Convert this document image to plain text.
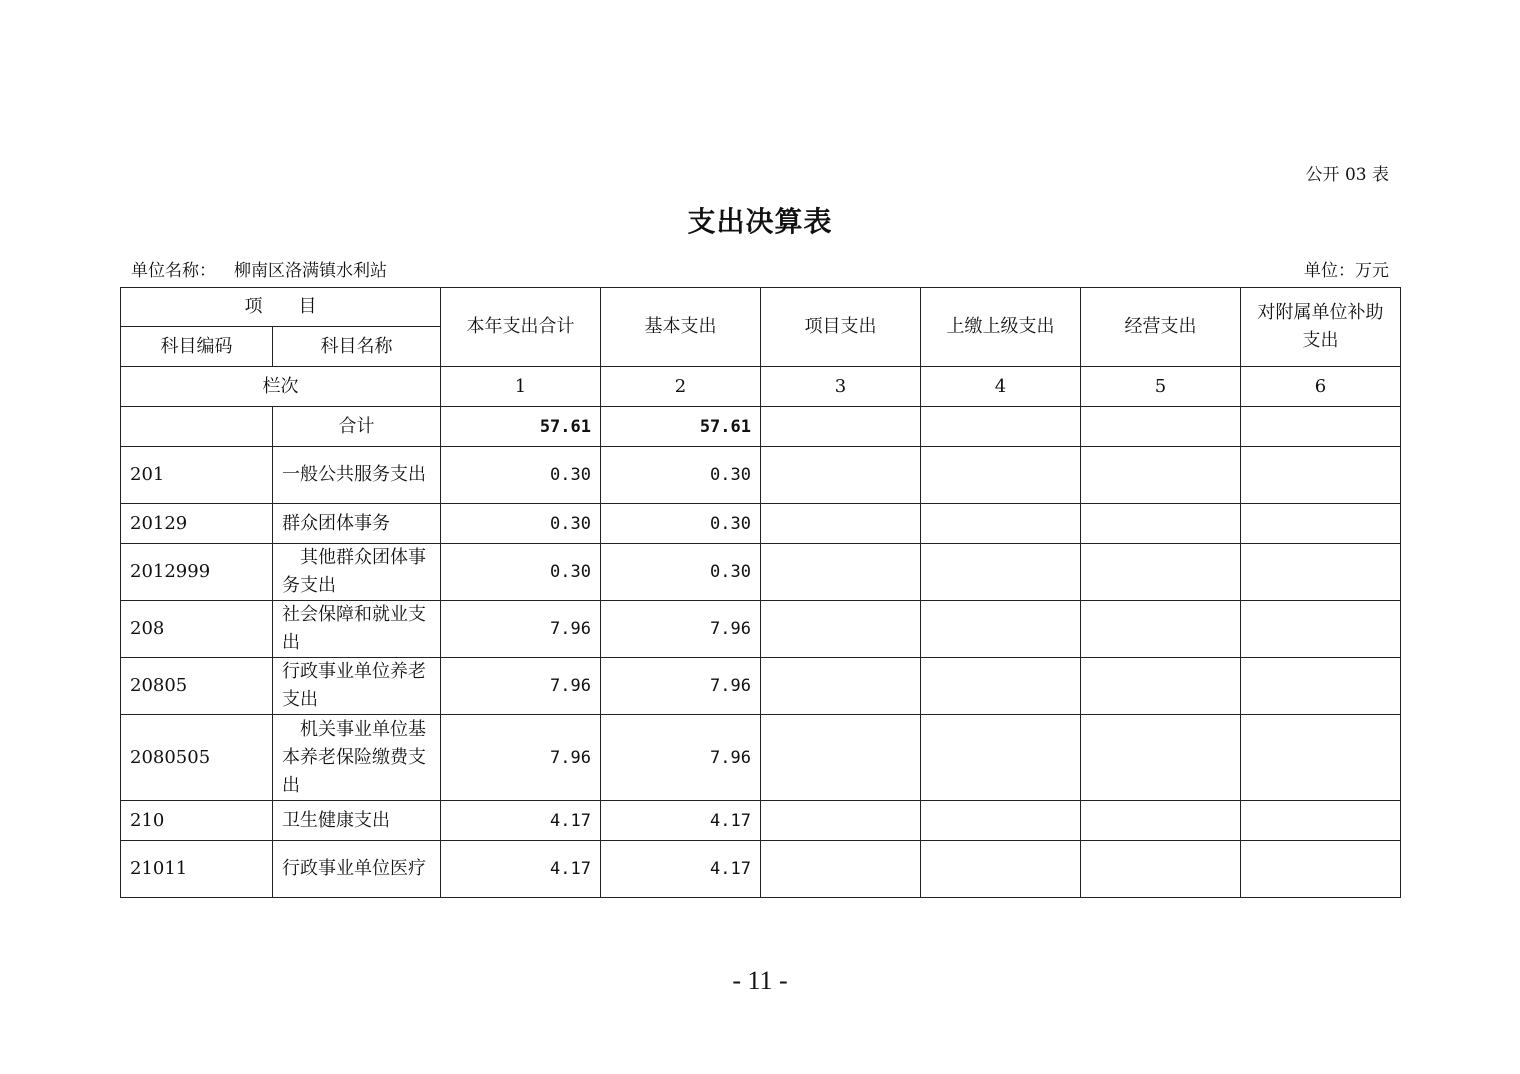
公开 03 表
支出决算表
单位名称： 柳南区洛满镇水利站	单位：万元
项　　目		本年支出合计	基本支出	项目支出	上缴上级支出	经营支出	对附属单位补助支出
科目编码	科目名称						
栏次		1	2	3	4	5	6
	合计	57.61	57.61				
201	一般公共服务支出	0.30	0.30				
20129	群众团体事务	0.30	0.30				
2012999	　其他群众团体事务支出	0.30	0.30				
208	社会保障和就业支出	7.96	7.96				
20805	行政事业单位养老支出	7.96	7.96				
2080505	　机关事业单位基本养老保险缴费支出	7.96	7.96				
210	卫生健康支出	4.17	4.17				
21011	行政事业单位医疗	4.17	4.17				
- 11 -
